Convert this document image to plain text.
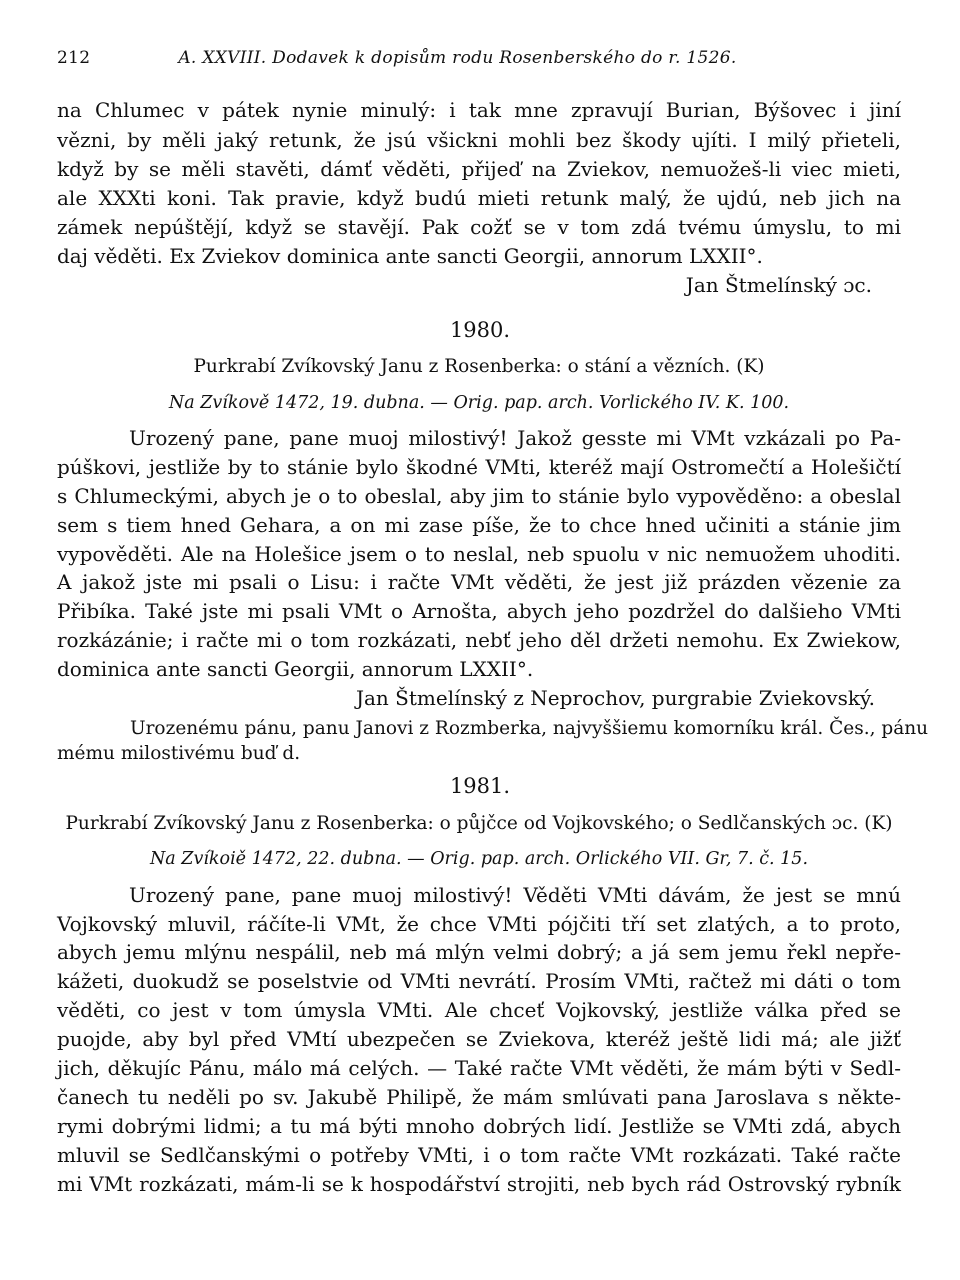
212	A. XXVIII. Dodavek k dopisům rodu Rosenberského do r. 1526.
na Chlumec v pátek nynie minulý: i tak mne zpravují Burian, Býšovec i jiní
vězni, by měli jaký retunk, že jsú všickni mohli bez škody ujíti. I milý přieteli,
když by se měli stavěti, dámť věděti, přijeď na Zviekov, nemuožeš-li viec mieti,
ale XXXti koni. Tak pravie, když budú mieti retunk malý, že ujdú, neb jich na
zámek nepúštějí, když se stavějí. Pak cožť se v tom zdá tvému úmyslu, to mi
daj věděti. Ex Zviekov dominica ante sancti Georgii, annorum LXXII°.
Jan Štmelínský ɔc.
1980.
Purkrabí Zvíkovský Janu z Rosenberka: o stání a vězních. (K)
Na Zvíkově 1472, 19. dubna. — Orig. pap. arch. Vorlického IV. K. 100.
Urozený pane, pane muoj milostivý! Jakož gesste mi VMt vzkázali po Pa-
púškovi, jestliže by to stánie bylo škodné VMti, kteréž mají Ostromečtí a Holešičtí
s Chlumeckými, abych je o to obeslal, aby jim to stánie bylo vypověděno: a obeslal
sem s tiem hned Gehara, a on mi zase píše, že to chce hned učiniti a stánie jim
vypověděti. Ale na Holešice jsem o to neslal, neb spuolu v nic nemuožem uhoditi.
A jakož jste mi psali o Lisu: i račte VMt věděti, že jest již prázden vězenie za
Přibíka. Také jste mi psali VMt o Arnošta, abych jeho pozdržel do dalšieho VMti
rozkázánie; i račte mi o tom rozkázati, nebť jeho děl držeti nemohu. Ex Zwiekow,
dominica ante sancti Georgii, annorum LXXII°.
Jan Štmelínský z Neprochov, purgrabie Zviekovský.
Urozenému pánu, panu Janovi z Rozmberka, najvyššiemu komorníku král. Čes., pánu
mému milostivému buď d.
1981.
Purkrabí Zvíkovský Janu z Rosenberka: o půjčce od Vojkovského; o Sedlčanských ɔc. (K)
Na Zvíkoiě 1472, 22. dubna. — Orig. pap. arch. Orlického VII. Gr, 7. č. 15.
Urozený pane, pane muoj milostivý! Věděti VMti dávám, že jest se mnú
Vojkovský mluvil, ráčíte-li VMt, že chce VMti pójčiti tří set zlatých, a to proto,
abych jemu mlýnu nespálil, neb má mlýn velmi dobrý; a já sem jemu řekl nepře-
kážeti, duokudž se poselstvie od VMti nevrátí. Prosím VMti, račtež mi dáti o tom
věděti, co jest v tom úmysla VMti. Ale chceť Vojkovský, jestliže válka před se
puojde, aby byl před VMtí ubezpečen se Zviekova, kteréž ještě lidi má; ale jižť
jich, děkujíc Pánu, málo má celých. — Také račte VMt věděti, že mám býti v Sedl-
čanech tu neděli po sv. Jakubě Philipě, že mám smlúvati pana Jaroslava s někte-
rymi dobrými lidmi; a tu má býti mnoho dobrých lidí. Jestliže se VMti zdá, abych
mluvil se Sedlčanskými o potřeby VMti, i o tom račte VMt rozkázati. Také račte
mi VMt rozkázati, mám-li se k hospodářství strojiti, neb bych rád Ostrovský rybník
